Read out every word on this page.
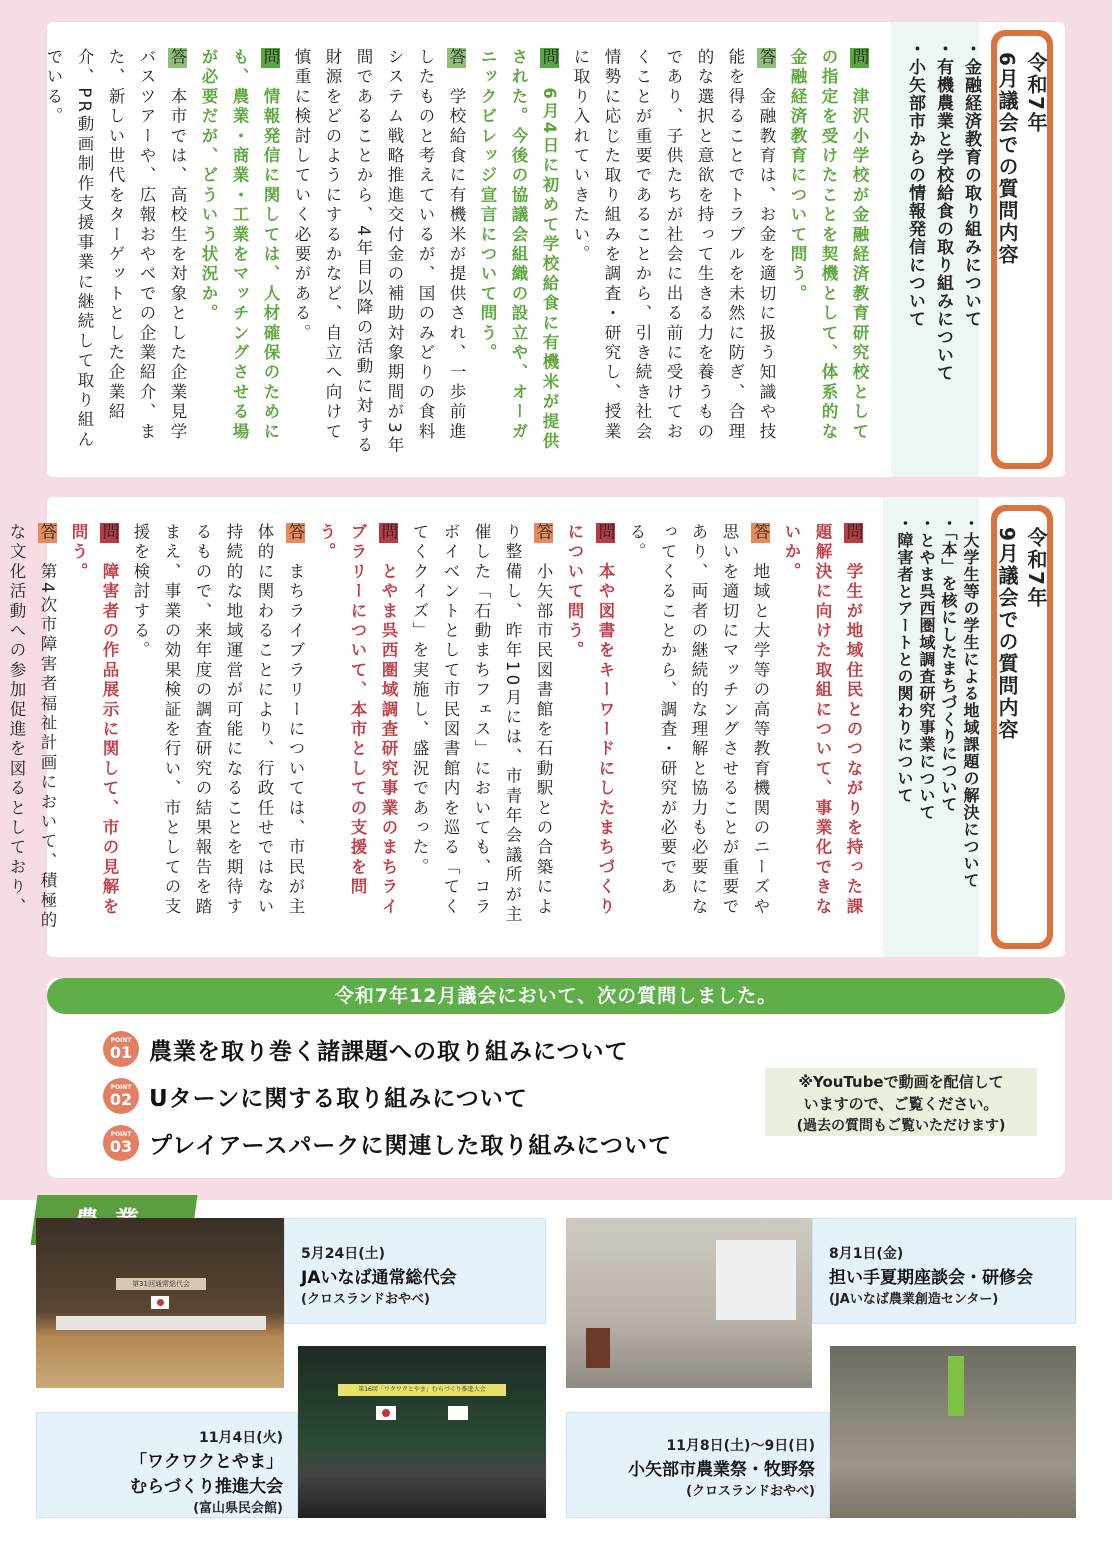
令和7年
6月議会での質問内容
・金融経済教育の取り組みについて
・有機農業と学校給食の取り組みについて
・小矢部市からの情報発信について
問　津沢小学校が金融経済教育研究校としての指定を受けたことを契機として、体系的な金融経済教育について問う。
答　金融教育は、お金を適切に扱う知識や技能を得ることでトラブルを未然に防ぎ、合理的な選択と意欲を持って生きる力を養うものであり、子供たちが社会に出る前に受けておくことが重要であることから、引き続き社会情勢に応じた取り組みを調査・研究し、授業に取り入れていきたい。
問　6月4日に初めて学校給食に有機米が提供された。今後の協議会組織の設立や、オーガニックビレッジ宣言について問う。
答　学校給食に有機米が提供され、一歩前進したものと考えているが、国のみどりの食料システム戦略推進交付金の補助対象期間が3年間であることから、4年目以降の活動に対する財源をどのようにするかなど、自立へ向けて慎重に検討していく必要がある。
問　情報発信に関しては、人材確保のためにも、農業・商業・工業をマッチングさせる場が必要だが、どういう状況か。
答　本市では、高校生を対象とした企業見学バスツアーや、広報おやべでの企業紹介、また、新しい世代をターゲットとした企業紹介、PR動画制作支援事業に継続して取り組んでいる。
令和7年
9月議会での質問内容
・大学生等の学生による地域課題の解決について
・「本」を核にしたまちづくりについて
・とやま呉西圏域調査研究事業について
・障害者とアートとの関わりについて
問　学生が地域住民とのつながりを持った課題解決に向けた取組について、事業化できないか。
答　地域と大学等の高等教育機関のニーズや思いを適切にマッチングさせることが重要であり、両者の継続的な理解と協力も必要になってくることから、調査・研究が必要である。
問　本や図書をキーワードにしたまちづくりについて問う。
答　小矢部市民図書館を石動駅との合築により整備し、昨年10月には、市青年会議所が主催した「石動まちフェス」においても、コラボイベントとして市民図書館内を巡る「てくてくクイズ」を実施し、盛況であった。
問　とやま呉西圏域調査研究事業のまちライブラリーについて、本市としての支援を問う。
答　まちライブラリーについては、市民が主体的に関わることにより、行政任せではない持続的な地域運営が可能になることを期待するもので、来年度の調査研究の結果報告を踏まえ、事業の効果検証を行い、市としての支援を検討する。
問　障害者の作品展示に関して、市の見解を問う。
答　第4次市障害者福祉計画において、積極的な文化活動への参加促進を図るとしており、
令和7年12月議会において、次の質問しました。
POINT
01 農業を取り巻く諸課題への取り組みについて
POINT
02 Uターンに関する取り組みについて
POINT
03 プレイアースパークに関連した取り組みについて
※YouTubeで動画を配信して
いますので、ご覧ください。
(過去の質問もご覧いただけます)
第31回通常総代会
5月24日(土)
JAいなば通常総代会
(クロスランドおやべ)
8月1日(金)
担い手夏期座談会・研修会
(JAいなば農業創造センター)
第16回「ワクワクとやま」むらづくり推進大会
11月4日(火)
「ワクワクとやま」
むらづくり推進大会
(富山県民会館)
11月8日(土)～9日(日)
小矢部市農業祭・牧野祭
(クロスランドおやべ)
